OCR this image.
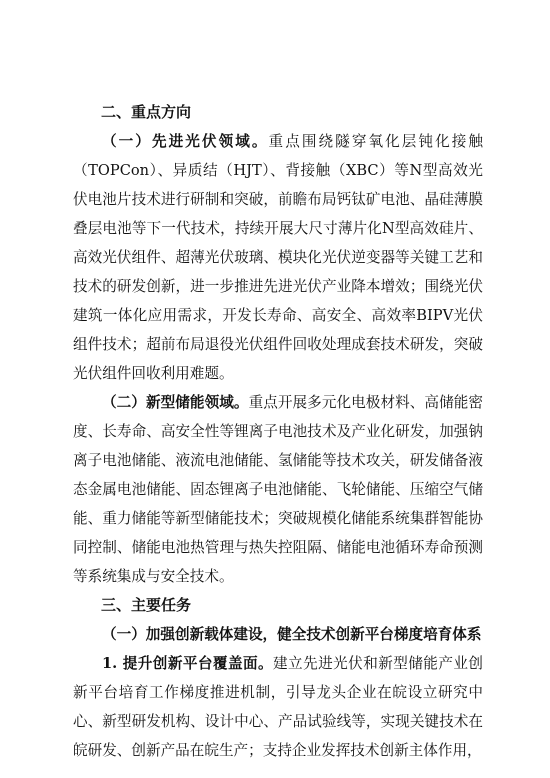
二、重点方向

（一）先进光伏领域。重点围绕隧穿氧化层钝化接触（TOPCon）、异质结（HJT）、背接触（XBC）等N型高效光伏电池片技术进行研制和突破，前瞻布局钙钛矿电池、晶硅薄膜叠层电池等下一代技术，持续开展大尺寸薄片化N型高效硅片、高效光伏组件、超薄光伏玻璃、模块化光伏逆变器等关键工艺和技术的研发创新，进一步推进先进光伏产业降本增效；围绕光伏建筑一体化应用需求，开发长寿命、高安全、高效率BIPV光伏组件技术；超前布局退役光伏组件回收处理成套技术研发，突破光伏组件回收利用难题。

（二）新型储能领域。重点开展多元化电极材料、高储能密度、长寿命、高安全性等锂离子电池技术及产业化研发，加强钠离子电池储能、液流电池储能、氢储能等技术攻关，研发储备液态金属电池储能、固态锂离子电池储能、飞轮储能、压缩空气储能、重力储能等新型储能技术；突破规模化储能系统集群智能协同控制、储能电池热管理与热失控阻隔、储能电池循环寿命预测等系统集成与安全技术。

三、主要任务

（一）加强创新载体建设，健全技术创新平台梯度培育体系

1. 提升创新平台覆盖面。建立先进光伏和新型储能产业创新平台培育工作梯度推进机制，引导龙头企业在皖设立研究中心、新型研发机构、设计中心、产品试验线等，实现关键技术在皖研发、创新产品在皖生产；支持企业发挥技术创新主体作用，
